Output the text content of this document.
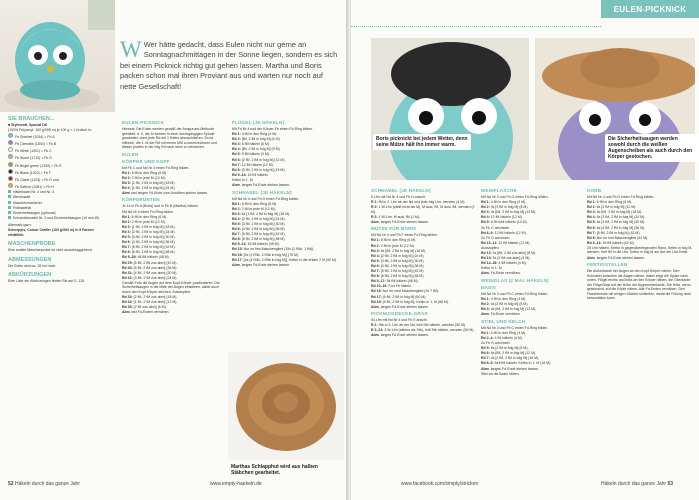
W Wer hätte gedacht, dass Eulen nicht nur gerne an Sonntagnachmittagen in der Sonne liegen, sondern es sich bei einem Picknick richtig gut gehen lassen. Martha und Boris packen schon mal ihren Proviant aus und warten nur noch auf nette Gesellschaft!
SIE BRAUCHEN...

■ Stylecraft, Special DK

(100% Polyacryl, 100 g/295 m) je 100 g = 1 Knäuel in:

Fb Sherbet (1034) = Fb A

Fb Clematis (1840) = Fb B

Fb White (1001) = Fb C

Fb Stone (1710) = Fb D

Fb Bright green (1259) = Fb E

Fb Black (1002) = Fb F

Fb Claret (1123) = Fb G und

Fb Saffron (1081) = Fb H

Häkelnadel Nr. 4 und Nr. 3

Stecknadel

Maschenmarkierer

Füllmaterial

Sicherheitsaugen (optional)

Kreuzstichnadel Nr. 2 und Sicherheitsaugen (10 mm Ø)

Alternativ garn:

Scheepjes, Colour Crafter (100 g/300 m) in 8 Farben erhältlich

MASCHENPROBE

Eine exakte Maschenprobe ist nicht ausschlaggebend.

ABMESSUNGEN

Die Eulen sind ca. 15 cm hoch.

ABKÜRZUNGEN

Eine Liste der Abkürzungen finden Sie auf S. 115.

EULEN-PICKNICK

Hinweis: Die Eulen werden gemäß der Amigurumi-Methode gehäkelt, d. h. die M werden in einer durchgängigen Spirale gearbeitet, ohne jede Rd mit 1 Kettm abzuschließen. Es ist hilfreich, die 1. M der Rd mit einem MM zu kennzeichnen und diesen jeweils in der folg Rd nach oben zu versetzen.

EULEN
KÖRPER UND KOPF

Mit Fb C und Nd Nr 4 einen Fd-Ring bilden.

Rd 1: 6 fM in den Ring (6 M).

Rd 2: 2 fM in jede M (12 M).

Rd 3: [1 fM, 2 fM in folg M] (18 M).

Rd 4: [1 fM, 2 fM in folg M] (24 M).

Abm und langes Fd-Ende zum Annähen stehen lassen.

KÖRPERUNTEN

Je 1x in Fb A (Boris) und in Fb B (Martha) häkeln.

Mit Nd Nr 4 einen Fd-Ring bilden.

Rd 1: 6 fM in den Ring (6 M).

Rd 2: 2 fM in jede M (12 M).

Rd 3: [1 fM, 2 fM in folg M] (18 M).

Rd 4: [2 fM, 2 fM in folg M] (24 M).

Rd 5: [3 fM, 2 fM in folg M] (30 M).

Rd 6: [4 fM, 2 fM in folg M] (36 M).

Rd 7: [5 fM, 2 fM in folg M] (42 M).

Rd 8: [6 fM, 2 fM in folg M] (48 M).

Rd 9–28: 48 fM häkeln (48 M).

Rd 29: [6 fM, 2 fM zus abm] (42 M).

Rd 30: [5 fM, 2 fM zus abm] (36 M).

Rd 31: [4 fM, 2 fM zus abm] (30 M).

Rd 32: [3 fM, 2 fM zus abm] (24 M).

Gemäß Foto die Augen auf dem Kopf-Körper positionieren. Die Sicherheitsaugen in die Mitte der Augen einsetzen, dabei auch durch den Kopf-Körper stechen. Ausstopfen.

Rd 33: [2 fM, 2 fM zus abm] (18 M).

Rd 34: [1 fM, 2 fM zus abm] (12 M).

Rd 35: [2 fM zus abm] (6 M).

Abm und Fd-Enden vernähen.

FLÜGEL (JE HÄKELN)

Mit Fd Nr 4 und der Körper-Fb einen Fd-Ring bilden.

Rd 1: 4 fM in den Ring (4 M).

Rd 2: [fM, 2 fM in folg M] (6 M).

Rd 3: 6 fM häkeln (6 M).

Rd 4: [fM, 2 fM in folg M] (9 M).

Rd 5: 9 fM häkeln (9 M).

Rd 6: [2 fM, 2 fM in folg M] (12 M).

Rd 7: 12 fM häkeln (12 M).

Rd 8: [3 fM, 2 fM in folg M] (15 M).

Rd 9–14: 15 fM häkeln.

Kettm in 1. M.

Abm, langes Fd-Ende stehen lassen.

SCHNABEL (JE HÄKELN)

Mit Nd Nr 4 und Fb D einen Fd-Ring bilden.

Rd 1: 6 fM in den Ring (6 M).

Rd 2: 2 fM in jede M (12 M).

Rd 3: 6x [1 fM, 2 fM in folg M] (18 M).

Rd 4: [2 fM, 2 fM in folg M] (24 M).

Rd 5: [3 fM, 2 fM in folg M] (30 M).

Rd 6: [4 fM, 2 fM in folg M] (36 M).

Rd 7: [5 fM, 2 fM in folg M] (42 M).

Rd 8: [6 fM, 2 fM in folg M] (48 M).

Rd 9–14: 15 fM häkeln (45 M).

Rd 15: Nur im hint Maschenglied (15x (2 fStb, 1 fM)).

Rd 16: [5x (2 fStb, 2 fStb in folg M)] (75 M).

Rd 17: [4x (4 fStb, 2 fStb in folg M)], Kettm in die ersten 2 M (90 M).

Abm, langes Fd-Ende stehen lassen.

Marthas Schlapphut wird aus halben Stäbchen gearbeitet.
52 Häkeln durch das ganze Jahr	www.empty-haekeln.de
EULEN-PICKNICK
Boris picknickt bei jedem Wetter, denn seine Mütze hält ihn immer warm.
Die Sicherheitsaugen werden sowohl durch die weißen Augenscheiben als auch durch den Körper gestochen.
SCHNABEL (JE HÄKELN)

5 Lfm mit Nd Nr 4 und Fb H anschl.

R 1: fM in 2. Lfm ab der Nd und jede folg Lfm, wenden (4 M).

R 2: 1 W-Lfm (zählt nicht als M), M ausl, fM, M ausl, fM, wenden (2 M).

R 3: 1 W-Lfm, M ausl, fM (1 M).

Abm, langes Fd-Ende stehen lassen.

MÜTZE FÜR BORIS

Mit Nd Nr 4 und Fb F einen Fd-Ring bilden.

Rd 1: 6 fM in den Ring (6 M).

Rd 2: 2 fM in jede M (12 M).

Rd 3: 6x [fM, 2 fM in folg M] (18 M).

Rd 4: [2 fM, 2 fM in folg M] (24 M).

Rd 5: [3 fM, 2 fM in folg M] (30 M).

Rd 6: [4 fM, 2 fM in folg M] (36 M).

Rd 7: [5 fM, 2 fM in folg M] (42 M).

Rd 8: [6 fM, 2 fM in folg M] (48 M).

Rd 9–17: 54 fM häkeln (48 M).

Rd 10–15: Fort Fb häkeln.

Rd 16: Nur im vord Maschenglied (2x 7 fM).

Rd 17: [6 fM, 2 fM in folg M] (60 M).

Rd 18: [9 fM, 2 fM in folg M], Kettm in 1. M (66 M).

Abm, langes Fd-Ende stehen lassen.

PICKNICKDECKE-GRAS

54 Lfm mit Nd Nr 4 und Fb E anschl.

R 1: Stb in 3. Lfm ab der Nd, fortl Stb häkeln, wenden (50 M).

R 2–21: 3 W-Lfm (zählen als Stb), fortl Stb häkeln, wenden (50 M).

Abm, langes Fd-Ende stehen lassen.

WEINFLASCHE

Mit Nd Nr 3 und Fb G einen Fd-Ring bilden.

Rd 1: 4 fM in den Ring (4 M).

Rd 2: 4x [2 fM in folg M] (8 M).

Rd 3: 4x [fM, 2 fM in folg M] (12 M).

Rd 4: 12 fM häkeln (12 M).

Rd 5: 6 fM fortl häkeln (12 M).

Zu Fb C wechseln.

Rd 6–9: 12 fM häkeln (12 M).

Zu Fb G wechseln.

Rd 10–11: 12 fM häkeln (12 M).

Ausstopfen.

Rd 12: 4x [fM, 2 fM zus abm] (8 M).

Rd 13: 5x [2 fM zus abm] (4 M).

Rd 14–18: 4 fM häkeln (4 M).

Kettm in 1. M.

Abm, Fd-Ende vernähen.

WEINGLAS (2 MAL HÄKELN)
BASIS

Mit Nd Nr 3 und Fb C einen Fd-Ring bilden.

Rd 1: 4 fM in den Ring (4 M).

Rd 2: 4x [2 fM in folg M] (8 M).

Rd 3: 4x [fM, 2 fM in folg M] (12 M).

Abm, Fd-Ende vernähen.

STIEL UND KELCH

Mit Nd Nr 3 und Fb C einen Fd-Ring bilden.

Rd 1: 4 fM in den Ring (4 M).

Rd 2–4: 4 fM häkeln (4 M).

Zu Fb G wechseln.

Rd 5: 6x [2 fM in folg M] (8 M).

Rd 6: 6x [fM, 2 fM in folg M] (12 M).

Rd 7: 4x [2 fM, 2 fM in folg M] (16 M).

Rd 8–9: fortl fM häkeln, Kettm in 1. M (16 M).

Abm, langes Fd-Ende stehen lassen.

Stiel an die Basis nähen.

KORB

Mit Nd Nr 4 und Fb D einen Fd-Ring bilden.

Rd 1: 6 fM in den Ring (6 M).

Rd 2: 6x [2 fM in folg M] (12 M).

Rd 3: 6x [fM, 2 fM in folg M] (18 M).

Rd 4: 6x [2 fM, 2 fM in folg M] (24 M).

Rd 5: 6x [3 fM, 2 fM in folg M] (30 M).

Rd 6: 6x [4 fM, 2 fM in folg M] (36 M).

Rd 7: [5 fM, 2 fM in folg M] (42 M).

Rd 8: Nur im hint Maschenglied (42 M).

Rd 9–14: 25 fM häkeln (42 M).

25 Lfm häkeln, Kettm in gegenüberliegenden Rand, Kettm in folg M, wenden, fortl fM in die Lfm, Kettm in folg M am Anf der Lfm-Kette.

Abm, langes Fd-Ende stehen lassen.

FERTIGSTELLEN

Die Außenkante der Augen an den Kopf-Körper nähen. Den Schnabel zwischen die Augen nähen, dabei zeigt die Spitze nach unten. Flügel rechts und links an den Körper nähen, die Oberkante der Flügel liegt auf der Höhe der Augenunterkante. Die Hüte, wenn gewünscht, auf die Köpfe nähen. Alle Fd-Enden vernähen. Den Flaschenhals mit einigen Stichen schließen, damit die Füllung nicht herausfallen kann.

www.facebook.com/simply/stricken	Häkeln durch das ganze Jahr 53
